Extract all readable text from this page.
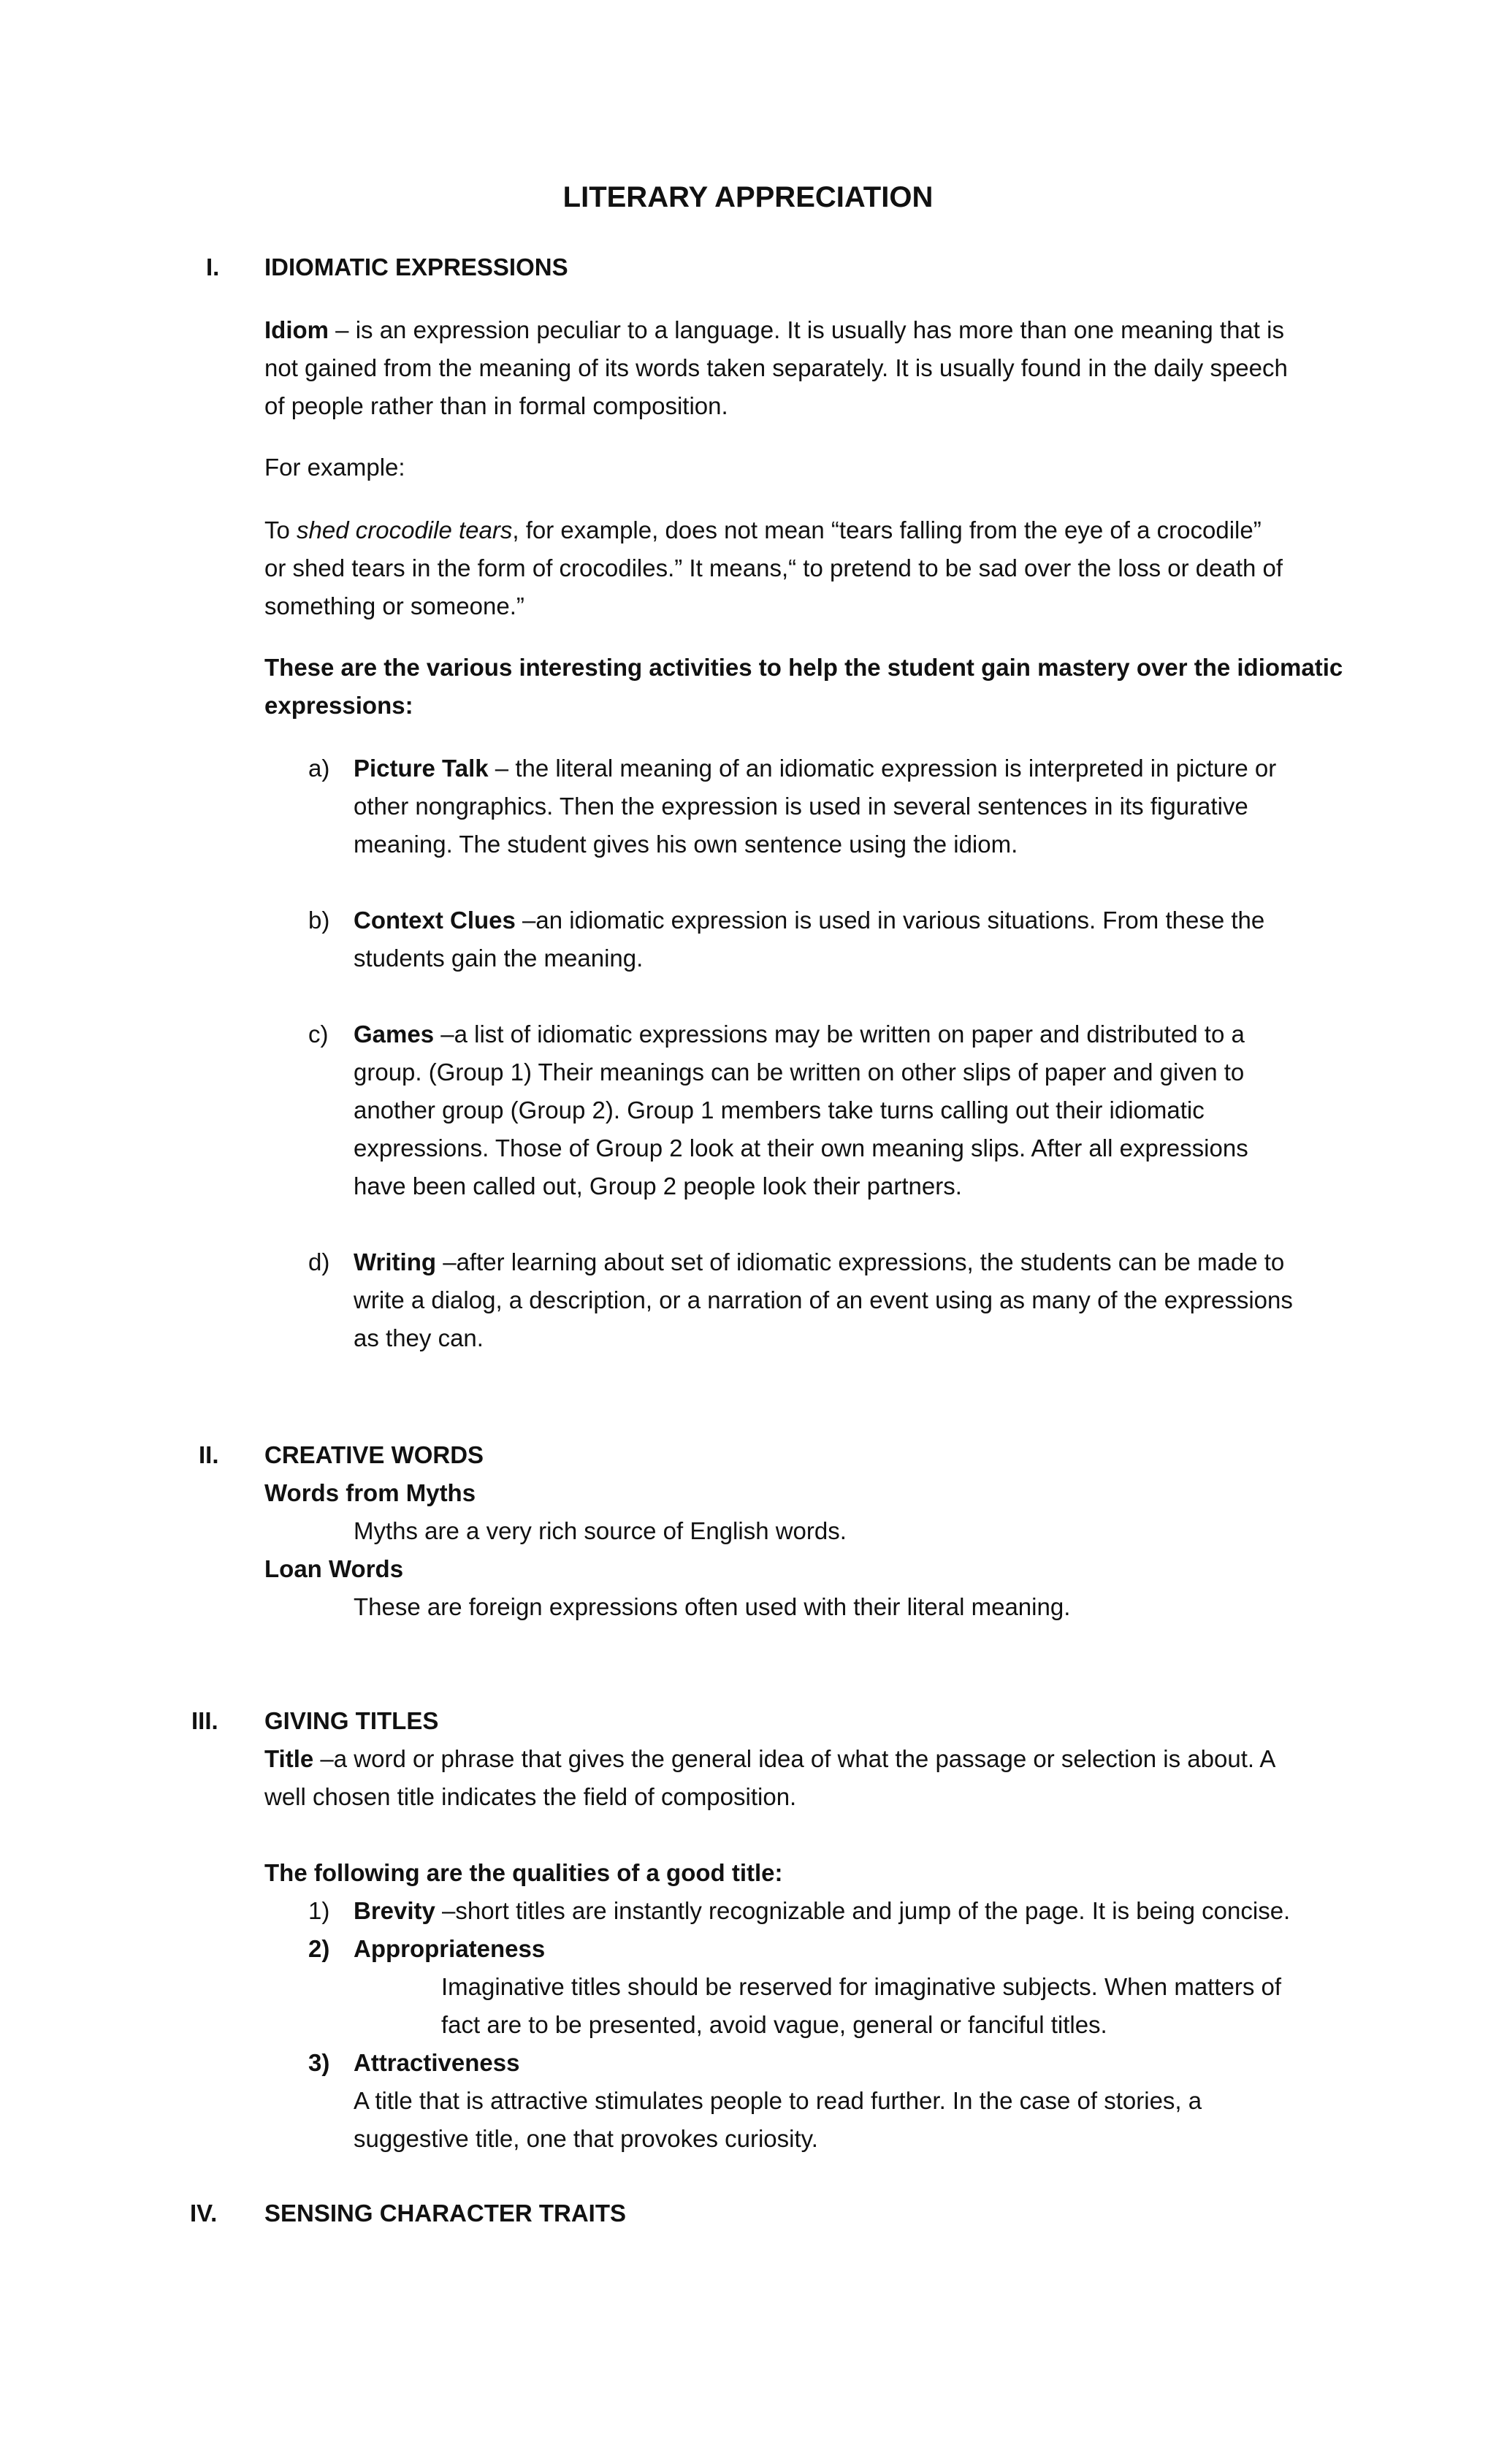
LITERARY APPRECIATION
I. IDIOMATIC EXPRESSIONS
Idiom – is an expression peculiar to a language. It is usually has more than one meaning that is
not gained from the meaning of its words taken separately. It is usually found in the daily speech
of people rather than in formal composition.
For example:
To shed crocodile tears, for example, does not mean “tears falling from the eye of a crocodile”
or shed tears in the form of crocodiles.” It means,“ to pretend to be sad over the loss or death of
something or someone.”
These are the various interesting activities to help the student gain mastery over the idiomatic
expressions:
a) Picture Talk – the literal meaning of an idiomatic expression is interpreted in picture or
other nongraphics. Then the expression is used in several sentences in its figurative
meaning. The student gives his own sentence using the idiom.
b) Context Clues –an idiomatic expression is used in various situations. From these the
students gain the meaning.
c) Games –a list of idiomatic expressions may be written on paper and distributed to a
group. (Group 1) Their meanings can be written on other slips of paper and given to
another group (Group 2). Group 1 members take turns calling out their idiomatic
expressions. Those of Group 2 look at their own meaning slips. After all expressions
have been called out, Group 2 people look their partners.
d) Writing –after learning about set of idiomatic expressions, the students can be made to
write a dialog, a description, or a narration of an event using as many of the expressions
as they can.
II. CREATIVE WORDS
Words from Myths
Myths are a very rich source of English words.
Loan Words
These are foreign expressions often used with their literal meaning.
III. GIVING TITLES
Title –a word or phrase that gives the general idea of what the passage or selection is about. A
well chosen title indicates the field of composition.
The following are the qualities of a good title:
1) Brevity –short titles are instantly recognizable and jump of the page. It is being concise.
2) Appropriateness
Imaginative titles should be reserved for imaginative subjects. When matters of
fact are to be presented, avoid vague, general or fanciful titles.
3) Attractiveness
A title that is attractive stimulates people to read further. In the case of stories, a
suggestive title, one that provokes curiosity.
IV. SENSING CHARACTER TRAITS
